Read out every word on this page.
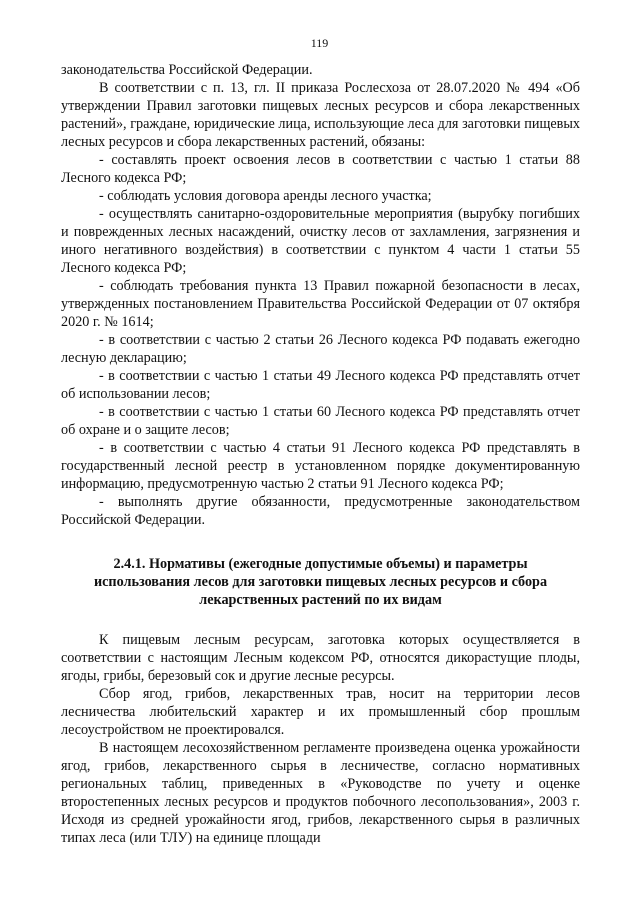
119

законодательства Российской Федерации.

В соответствии с п. 13, гл. II приказа Рослесхоза от 28.07.2020 № 494 «Об утверждении Правил заготовки пищевых лесных ресурсов и сбора лекарственных растений», граждане, юридические лица, использующие леса для заготовки пищевых лесных ресурсов и сбора лекарственных растений, обязаны:

- составлять проект освоения лесов в соответствии с частью 1 статьи 88 Лесного кодекса РФ;

- соблюдать условия договора аренды лесного участка;

- осуществлять санитарно-оздоровительные мероприятия (вырубку погибших и поврежденных лесных насаждений, очистку лесов от захламления, загрязнения и иного негативного воздействия) в соответствии с пунктом 4 части 1 статьи 55 Лесного кодекса РФ;

- соблюдать требования пункта 13 Правил пожарной безопасности в лесах, утвержденных постановлением Правительства Российской Федерации от 07 октября 2020 г. № 1614;

- в соответствии с частью 2 статьи 26 Лесного кодекса РФ подавать ежегодно лесную декларацию;

- в соответствии с частью 1 статьи 49 Лесного кодекса РФ представлять отчет об использовании лесов;

- в соответствии с частью 1 статьи 60 Лесного кодекса РФ представлять отчет об охране и о защите лесов;

- в соответствии с частью 4 статьи 91 Лесного кодекса РФ представлять в государственный лесной реестр в установленном порядке документированную информацию, предусмотренную частью 2 статьи 91 Лесного кодекса РФ;

- выполнять другие обязанности, предусмотренные законодательством Российской Федерации.

2.4.1. Нормативы (ежегодные допустимые объемы) и параметры
использования лесов для заготовки пищевых лесных ресурсов и сбора
лекарственных растений по их видам

К пищевым лесным ресурсам, заготовка которых осуществляется в соответствии с настоящим Лесным кодексом РФ, относятся дикорастущие плоды, ягоды, грибы, березовый сок и другие лесные ресурсы.

Сбор ягод, грибов, лекарственных трав, носит на территории лесов лесничества любительский характер и их промышленный сбор прошлым лесоустройством не проектировался.

В настоящем лесохозяйственном регламенте произведена оценка урожайности ягод, грибов, лекарственного сырья в лесничестве, согласно нормативных региональных таблиц, приведенных в «Руководстве по учету и оценке второстепенных лесных ресурсов и продуктов побочного лесопользования», 2003 г. Исходя из средней урожайности ягод, грибов, лекарственного сырья в различных типах леса (или ТЛУ) на единице площади
